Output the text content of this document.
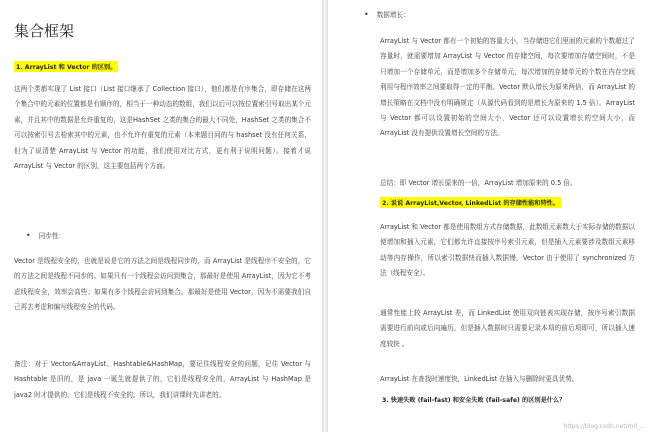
集合框架
1. ArrayList 和 Vector 的区别。

这两个类都实现了 List 接口（List 接口继承了 Collection 接口），他们都是有序集合，即存储在这两个集合中的元素的位置都是有顺序的，相当于一种动态的数组，我们以后可以按位置索引号取出某个元素，并且其中的数据是允许重复的，这是HashSet 之类的集合的最大不同处，HashSet 之类的集合不可以按索引号去检索其中的元素，也不允许有重复的元素（本来题目问的与 hashset 没有任何关系，但为了说清楚 ArrayList 与 Vector 的功能，我们使用对比方式，更有利于说明问题）。接着才说 ArrayList 与 Vector 的区别，这主要包括两个方面。

• 同步性：

Vector 是线程安全的，也就是说是它的方法之间是线程同步的，而 ArrayList 是线程序不安全的，它的方法之间是线程不同步的。如果只有一个线程会访问到集合，那最好是使用 ArrayList，因为它不考虑线程安全，效率会高些；如果有多个线程会访问到集合，那最好是使用 Vector，因为不需要我们自己再去考虑和编写线程安全的代码。

备注：对于 Vector&ArrayList、Hashtable&HashMap，要记住线程安全的问题，记住 Vector 与 Hashtable 是旧的，是 java 一诞生就提供了的，它们是线程安全的，ArrayList 与 HashMap 是 java2 时才提供的，它们是线程不安全的。所以，我们讲课时先讲老的。

• 数据增长：

ArrayList 与 Vector 都有一个初始的容量大小，当存储进它们里面的元素的个数超过了容量时，就需要增加 ArrayList 与 Vector 的存储空间，每次要增加存储空间时，不是只增加一个存储单元，而是增加多个存储单元，每次增加的存储单元的个数在内存空间利用与程序效率之间要取得一定的平衡。Vector 默认增长为原来两倍，而 ArrayList 的增长策略在文档中没有明确规定（从源代码看到的是增长为原来的 1.5 倍）。ArrayList 与 Vector 都可以设置初始的空间大小，Vector 还可以设置增长的空间大小，而 ArrayList 没有提供设置增长空间的方法。

总结：即 Vector 增长原来的一倍，ArrayList 增加原来的 0.5 倍。

2. 说说 ArrayList,Vector, LinkedList 的存储性能和特性。

ArrayList 和 Vector 都是使用数组方式存储数据，此数组元素数大于实际存储的数据以便增加和插入元素，它们都允许直接按序号索引元素，但是插入元素要涉及数组元素移动等内存操作，所以索引数据快而插入数据慢，Vector 由于使用了 synchronized 方法（线程安全）。

通常性能上较 ArrayList 差，而 LinkedList 使用双向链表实现存储，按序号索引数据需要进行前向或后向遍历，但是插入数据时只需要记录本项的前后项即可，所以插入速度较快 。

ArrayList 在查找时速度快，LinkedList 在插入与删除时更具优势。

3. 快速失败 (fail-fast) 和安全失败 (fail-safe) 的区别是什么？
https://blog.csdn.net/m0_...
